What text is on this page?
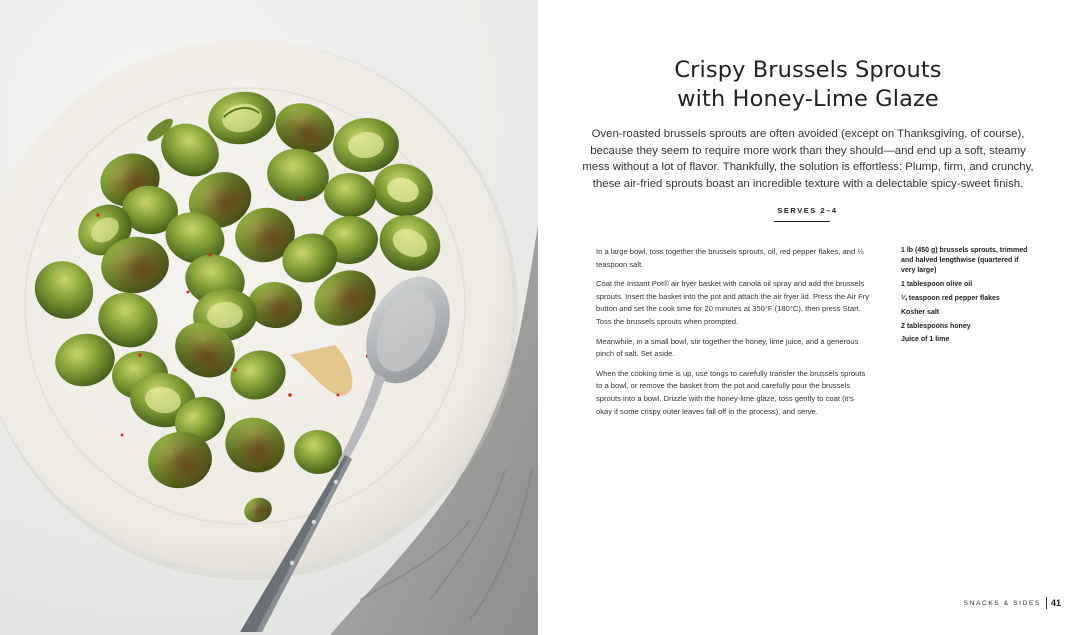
Crispy Brussels Sprouts
with Honey-Lime Glaze

Oven-roasted brussels sprouts are often avoided (except on Thanksgiving, of course), because they seem to require more work than they should—and end up a soft, steamy mess without a lot of flavor. Thankfully, the solution is effortless: Plump, firm, and crunchy, these air-fried sprouts boast an incredible texture with a delectable spicy-sweet finish.

SERVES 2–4

In a large bowl, toss together the brussels sprouts, oil, red pepper flakes, and ¼ teaspoon salt.

Coat the Instant Pot® air fryer basket with canola oil spray and add the brussels sprouts. Insert the basket into the pot and attach the air fryer lid. Press the Air Fry button and set the cook time for 20 minutes at 350°F (180°C), then press Start. Toss the brussels sprouts when prompted.

Meanwhile, in a small bowl, stir together the honey, lime juice, and a generous pinch of salt. Set aside.

When the cooking time is up, use tongs to carefully transfer the brussels sprouts to a bowl, or remove the basket from the pot and carefully pour the brussels sprouts into a bowl. Drizzle with the honey-lime glaze, toss gently to coat (it’s okay if some crispy outer leaves fall off in the process), and serve.

1 lb (450 g) brussels sprouts, trimmed and halved lengthwise (quartered if very large)
1 tablespoon olive oil
¼ teaspoon red pepper flakes
Kosher salt
2 tablespoons honey
Juice of 1 lime
SNACKS & SIDES 41
